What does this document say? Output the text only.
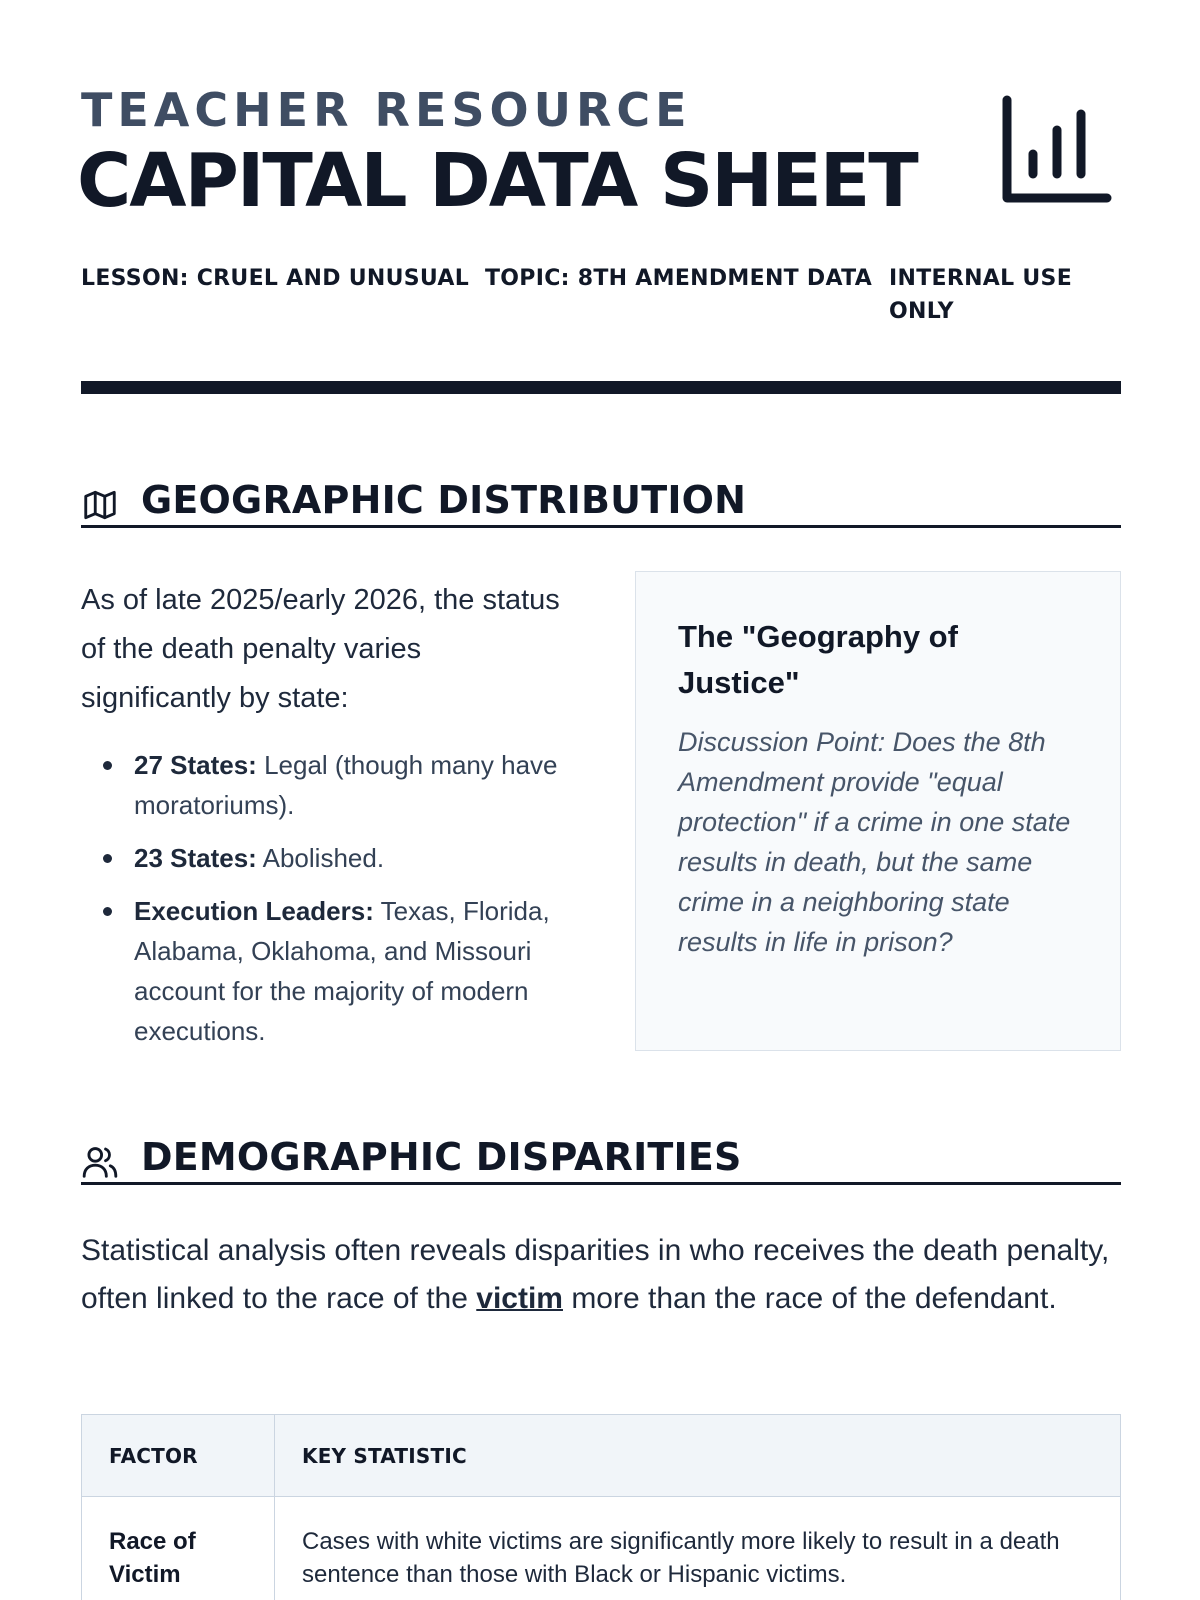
TEACHER RESOURCE
CAPITAL DATA SHEET
LESSON: CRUEL AND UNUSUAL TOPIC: 8TH AMENDMENT DATA INTERNAL USE ONLY
GEOGRAPHIC DISTRIBUTION

As of late 2025/early 2026, the status of the death penalty varies significantly by state:

27 States: Legal (though many have moratoriums).
23 States: Abolished.
Execution Leaders: Texas, Florida, Alabama, Oklahoma, and Missouri account for the majority of modern executions.
The "Geography of Justice"

Discussion Point: Does the 8th Amendment provide "equal protection" if a crime in one state results in death, but the same crime in a neighboring state results in life in prison?

DEMOGRAPHIC DISPARITIES

Statistical analysis often reveals disparities in who receives the death penalty, often linked to the race of the victim more than the race of the defendant.

FACTOR	KEY STATISTIC
Race of Victim	Cases with white victims are significantly more likely to result in a death sentence than those with Black or Hispanic victims.
